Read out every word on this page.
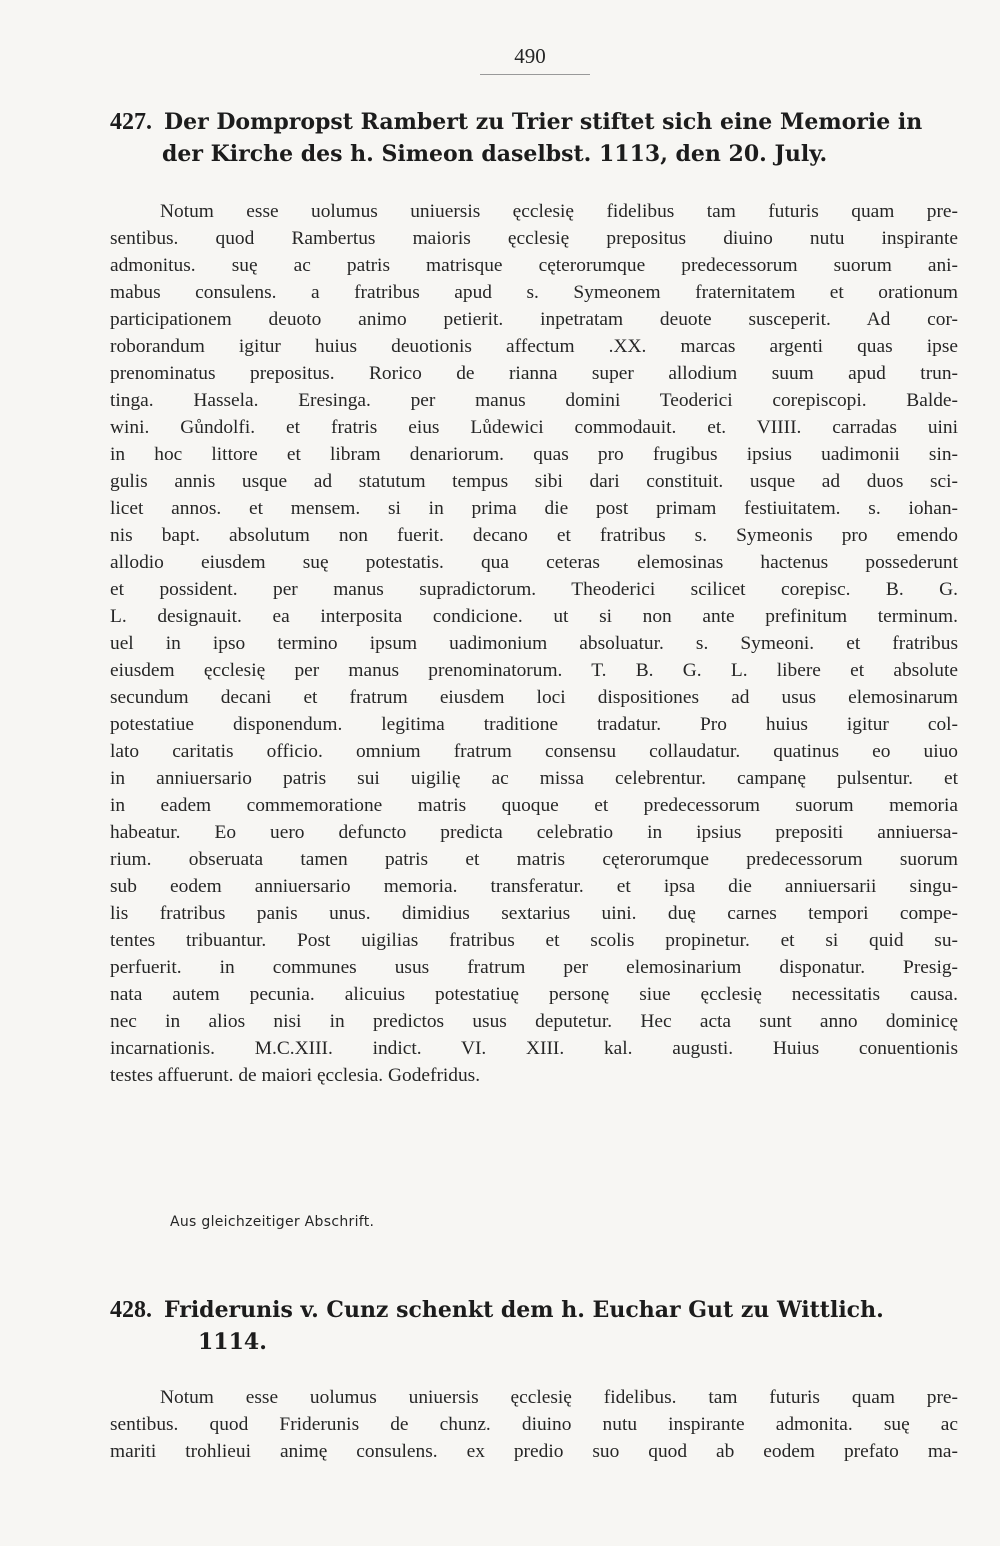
490
427. Der Dompropst Rambert zu Trier stiftet sich eine Memorie in
der Kirche des h. Simeon daselbst. 1113, den 20. July.
Notum esse uolumus uniuersis ęcclesię fidelibus tam futuris quam pre-
sentibus. quod Rambertus maioris ęcclesię prepositus diuino nutu inspirante
admonitus. suę ac patris matrisque cęterorumque predecessorum suorum ani-
mabus consulens. a fratribus apud s. Symeonem fraternitatem et orationum
participationem deuoto animo petierit. inpetratam deuote susceperit. Ad cor-
roborandum igitur huius deuotionis affectum .XX. marcas argenti quas ipse
prenominatus prepositus. Rorico de rianna super allodium suum apud trun-
tinga. Hassela. Eresinga. per manus domini Teoderici corepiscopi. Balde-
wini. Gůndolfi. et fratris eius Lůdewici commodauit. et. VIIII. carradas uini
in hoc littore et libram denariorum. quas pro frugibus ipsius uadimonii sin-
gulis annis usque ad statutum tempus sibi dari constituit. usque ad duos sci-
licet annos. et mensem. si in prima die post primam festiuitatem. s. iohan-
nis bapt. absolutum non fuerit. decano et fratribus s. Symeonis pro emendo
allodio eiusdem suę potestatis. qua ceteras elemosinas hactenus possederunt
et possident. per manus supradictorum. Theoderici scilicet corepisc. B. G.
L. designauit. ea interposita condicione. ut si non ante prefinitum terminum.
uel in ipso termino ipsum uadimonium absoluatur. s. Symeoni. et fratribus
eiusdem ęcclesię per manus prenominatorum. T. B. G. L. libere et absolute
secundum decani et fratrum eiusdem loci dispositiones ad usus elemosinarum
potestatiue disponendum. legitima traditione tradatur. Pro huius igitur col-
lato caritatis officio. omnium fratrum consensu collaudatur. quatinus eo uiuo
in anniuersario patris sui uigilię ac missa celebrentur. campanę pulsentur. et
in eadem commemoratione matris quoque et predecessorum suorum memoria
habeatur. Eo uero defuncto predicta celebratio in ipsius prepositi anniuersa-
rium. obseruata tamen patris et matris cęterorumque predecessorum suorum
sub eodem anniuersario memoria. transferatur. et ipsa die anniuersarii singu-
lis fratribus panis unus. dimidius sextarius uini. duę carnes tempori compe-
tentes tribuantur. Post uigilias fratribus et scolis propinetur. et si quid su-
perfuerit. in communes usus fratrum per elemosinarium disponatur. Presig-
nata autem pecunia. alicuius potestatiuę personę siue ęcclesię necessitatis causa.
nec in alios nisi in predictos usus deputetur. Hec acta sunt anno dominicę
incarnationis. M.C.XIII. indict. VI. XIII. kal. augusti. Huius conuentionis
testes affuerunt. de maiori ęcclesia. Godefridus.
Aus gleichzeitiger Abschrift.
428. Friderunis v. Cunz schenkt dem h. Euchar Gut zu Wittlich.
1114.
Notum esse uolumus uniuersis ęcclesię fidelibus. tam futuris quam pre-
sentibus. quod Friderunis de chunz. diuino nutu inspirante admonita. suę ac
mariti trohlieui animę consulens. ex predio suo quod ab eodem prefato ma-
